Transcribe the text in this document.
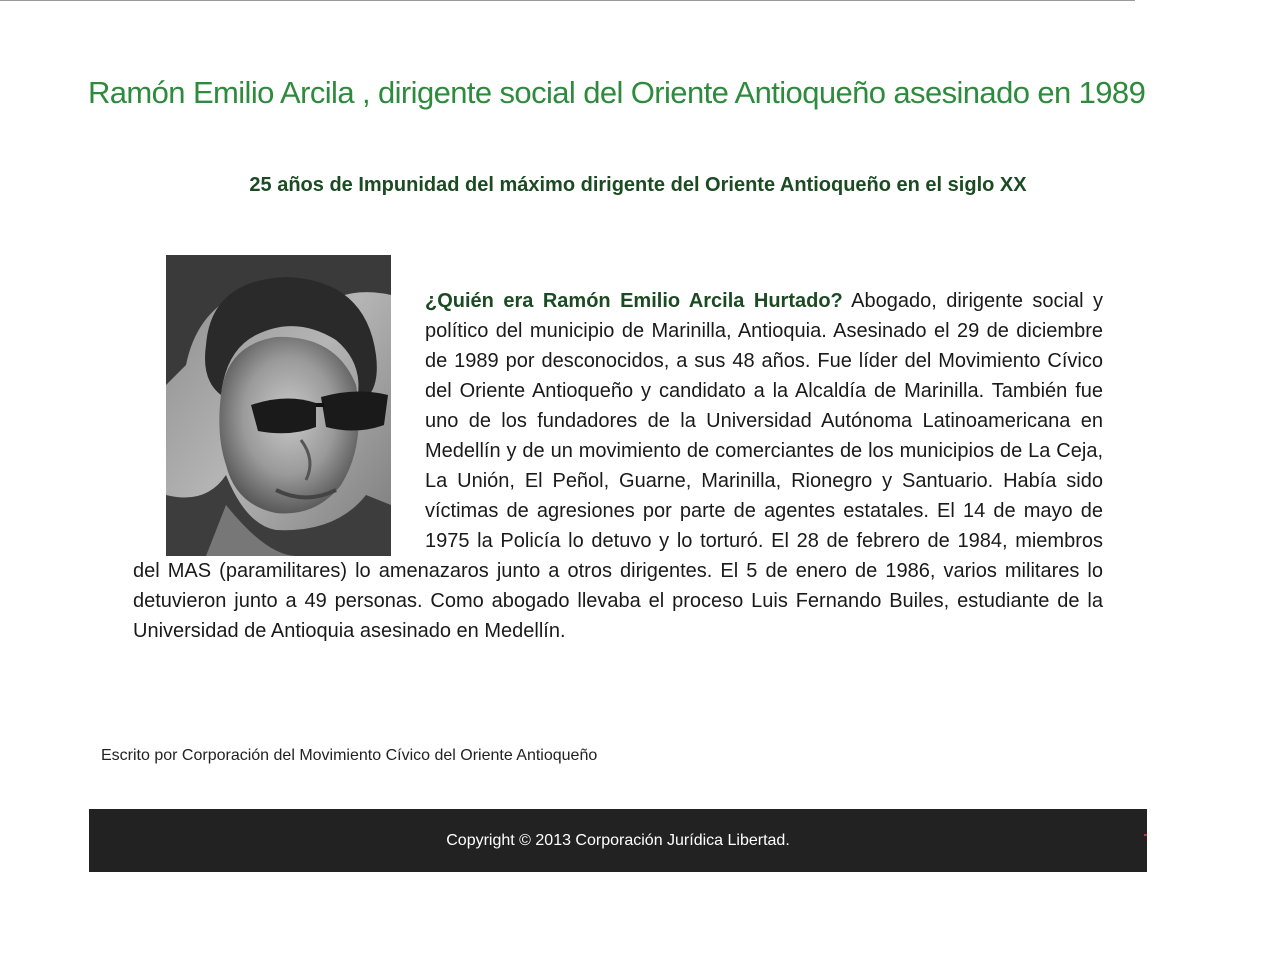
Ramón Emilio Arcila , dirigente social del Oriente Antioqueño asesinado en 1989
25 años de Impunidad del máximo dirigente del Oriente Antioqueño en el siglo XX
¿Quién era Ramón Emilio Arcila Hurtado? Abogado, dirigente social y político del municipio de Marinilla, Antioquia. Asesinado el 29 de diciembre de 1989 por desconocidos, a sus 48 años. Fue líder del Movimiento Cívico del Oriente Antioqueño y candidato a la Alcaldía de Marinilla. También fue uno de los fundadores de la Universidad Autónoma Latinoamericana en Medellín y de un movimiento de comerciantes de los municipios de La Ceja, La Unión, El Peñol, Guarne, Marinilla, Rionegro y Santuario. Había sido víctimas de agresiones por parte de agentes estatales. El 14 de mayo de 1975 la Policía lo detuvo y lo torturó. El 28 de febrero de 1984, miembros del MAS (paramilitares) lo amenazaros junto a otros dirigentes. El 5 de enero de 1986, varios militares lo detuvieron junto a 49 personas. Como abogado llevaba el proceso Luis Fernando Builes, estudiante de la Universidad de Antioquia asesinado en Medellín.

Escrito por Corporación del Movimiento Cívico del Oriente Antioqueño

Copyright © 2013 Corporación Jurídica Libertad.
